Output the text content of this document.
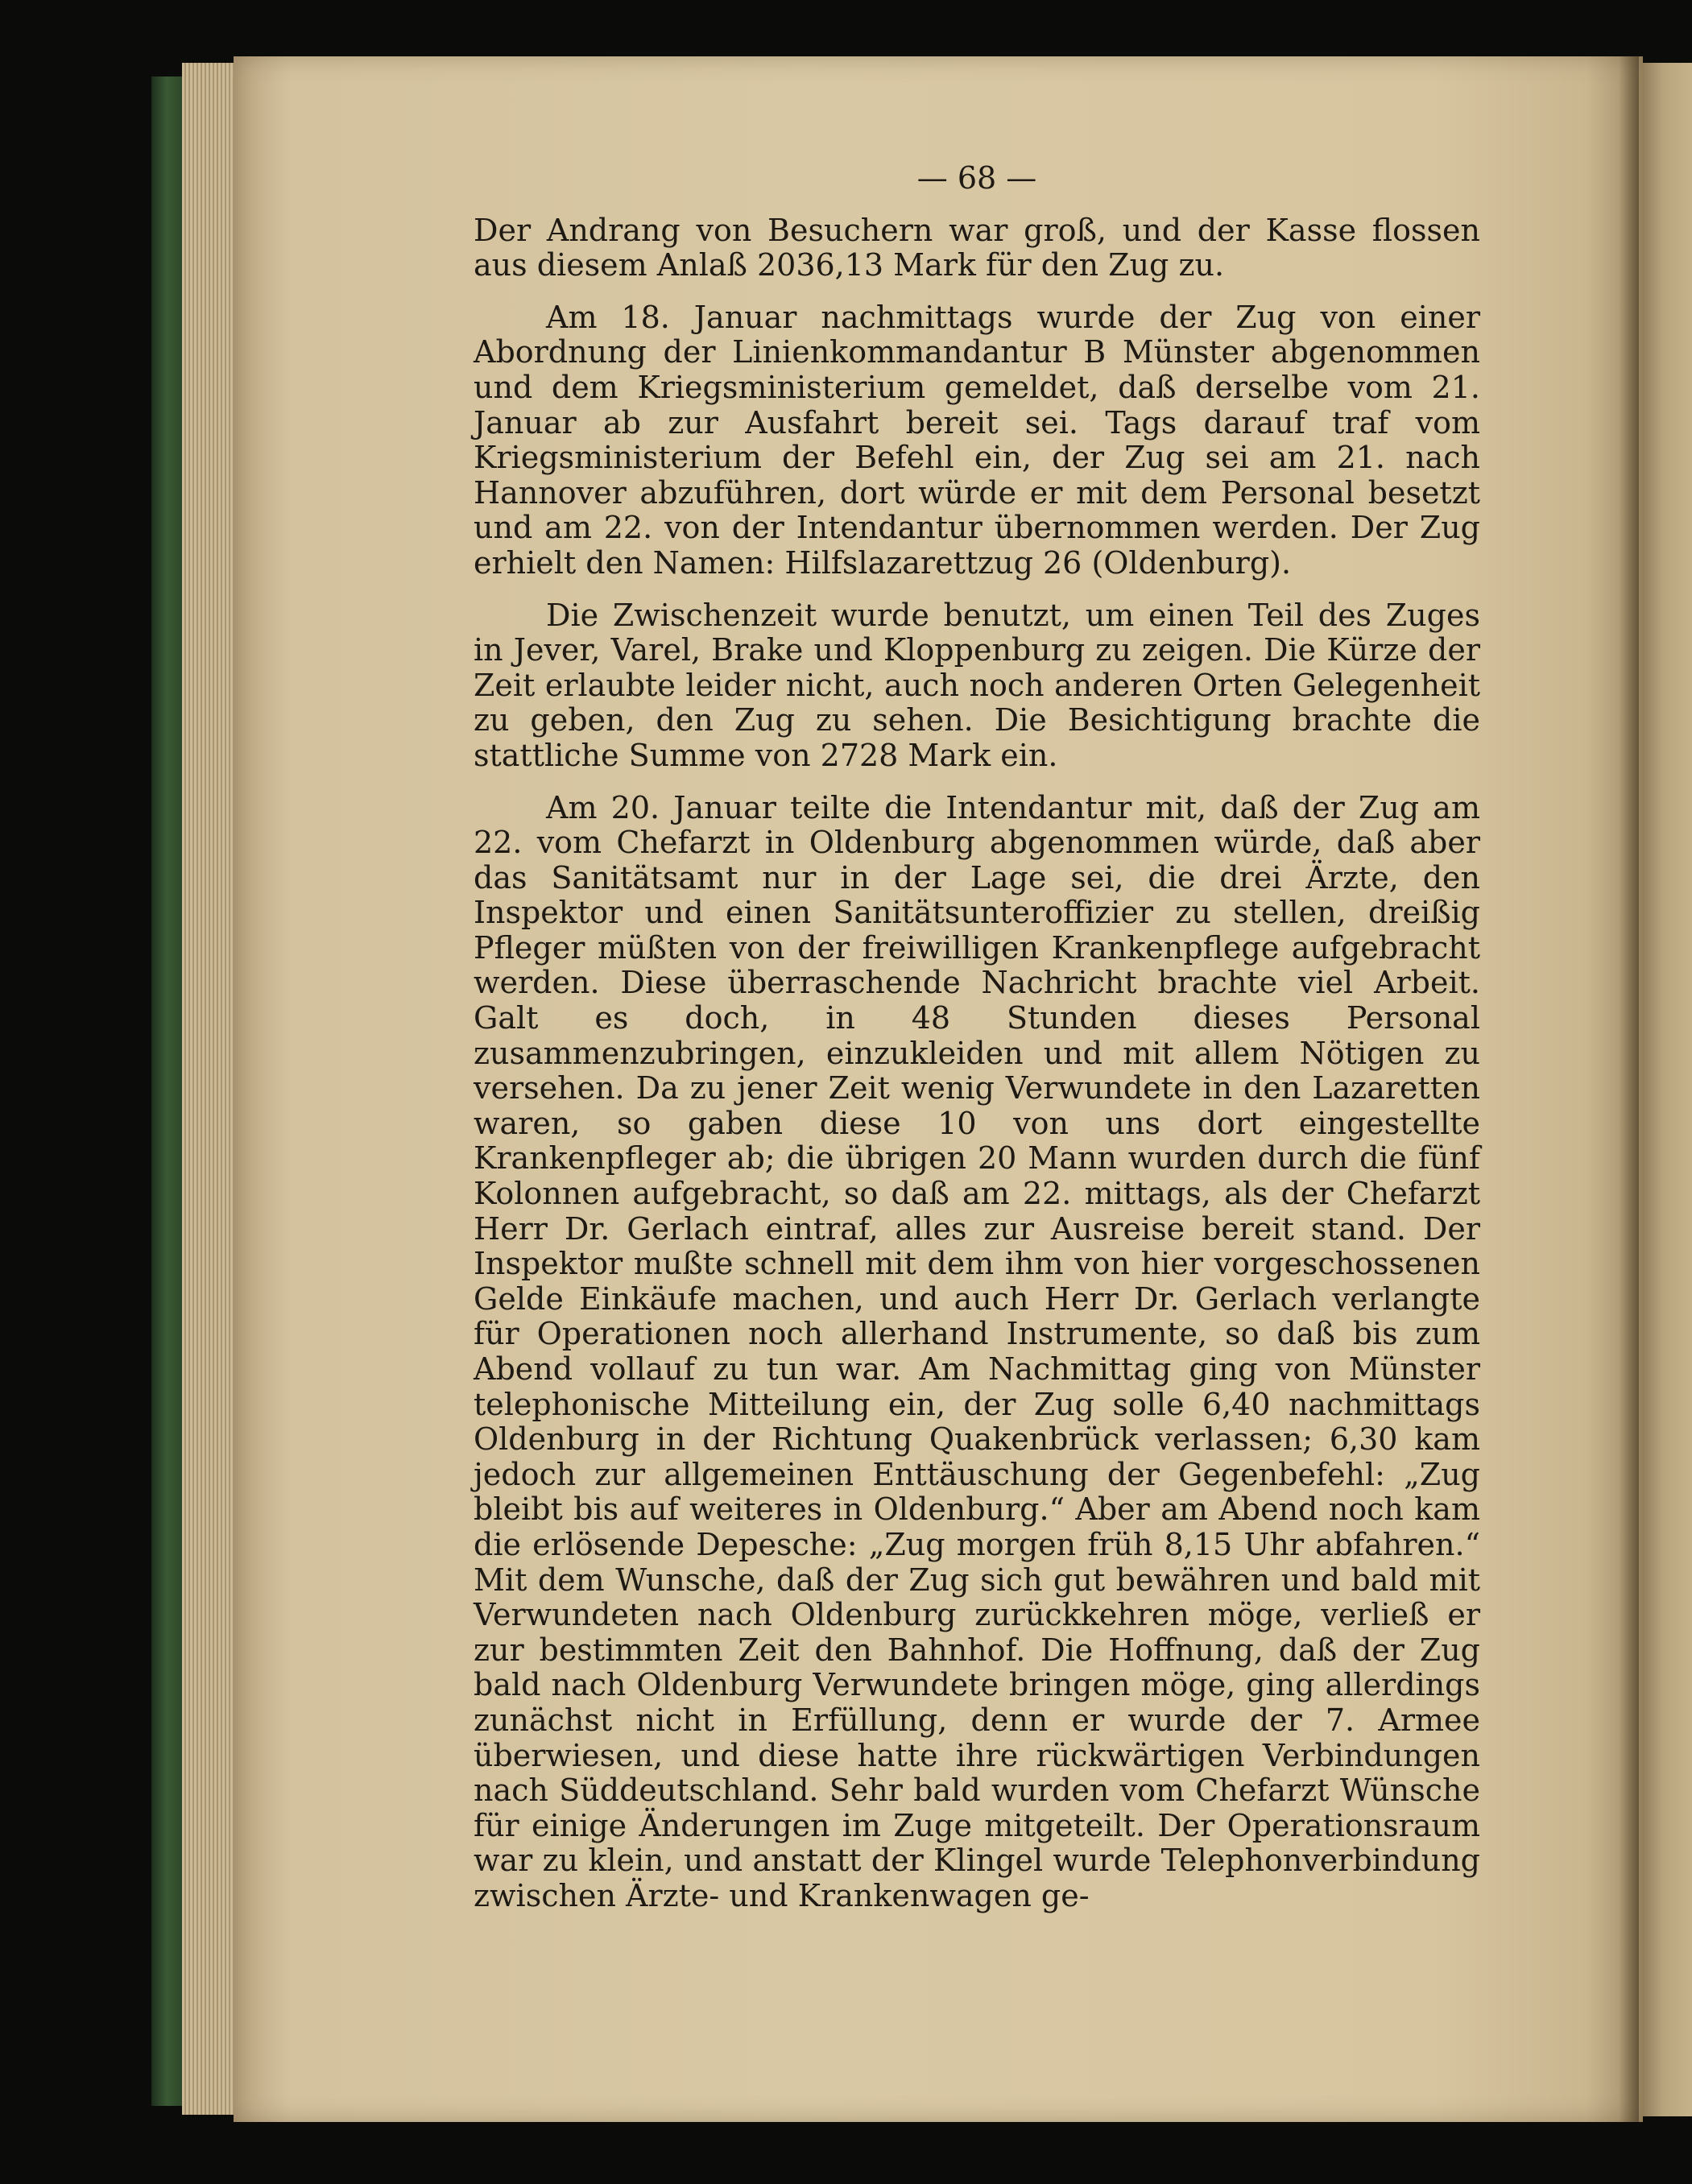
— 68 —

Der Andrang von Besuchern war groß, und der Kasse flossen aus diesem Anlaß 2036,13 Mark für den Zug zu.

Am 18. Januar nachmittags wurde der Zug von einer Abordnung der Linienkommandantur B Münster abgenommen und dem Kriegsministerium gemeldet, daß derselbe vom 21. Januar ab zur Ausfahrt bereit sei. Tags darauf traf vom Kriegsministerium der Befehl ein, der Zug sei am 21. nach Hannover abzuführen, dort würde er mit dem Personal besetzt und am 22. von der Intendantur übernommen werden. Der Zug erhielt den Namen: Hilfslazarettzug 26 (Oldenburg).

Die Zwischenzeit wurde benutzt, um einen Teil des Zuges in Jever, Varel, Brake und Kloppenburg zu zeigen. Die Kürze der Zeit erlaubte leider nicht, auch noch anderen Orten Gelegenheit zu geben, den Zug zu sehen. Die Besichtigung brachte die stattliche Summe von 2728 Mark ein.

Am 20. Januar teilte die Intendantur mit, daß der Zug am 22. vom Chefarzt in Oldenburg abgenommen würde, daß aber das Sanitätsamt nur in der Lage sei, die drei Ärzte, den Inspektor und einen Sanitätsunteroffizier zu stellen, dreißig Pfleger müßten von der freiwilligen Krankenpflege aufgebracht werden. Diese überraschende Nachricht brachte viel Arbeit. Galt es doch, in 48 Stunden dieses Personal zusammenzubringen, einzukleiden und mit allem Nötigen zu versehen. Da zu jener Zeit wenig Verwundete in den Lazaretten waren, so gaben diese 10 von uns dort eingestellte Krankenpfleger ab; die übrigen 20 Mann wurden durch die fünf Kolonnen aufgebracht, so daß am 22. mittags, als der Chefarzt Herr Dr. Gerlach eintraf, alles zur Ausreise bereit stand. Der Inspektor mußte schnell mit dem ihm von hier vorgeschossenen Gelde Einkäufe machen, und auch Herr Dr. Gerlach verlangte für Operationen noch allerhand Instrumente, so daß bis zum Abend vollauf zu tun war. Am Nachmittag ging von Münster telephonische Mitteilung ein, der Zug solle 6,40 nachmittags Oldenburg in der Richtung Quakenbrück verlassen; 6,30 kam jedoch zur allgemeinen Enttäuschung der Gegenbefehl: „Zug bleibt bis auf weiteres in Oldenburg.“ Aber am Abend noch kam die erlösende Depesche: „Zug morgen früh 8,15 Uhr abfahren.“ Mit dem Wunsche, daß der Zug sich gut bewähren und bald mit Verwundeten nach Oldenburg zurückkehren möge, verließ er zur bestimmten Zeit den Bahnhof. Die Hoffnung, daß der Zug bald nach Oldenburg Verwundete bringen möge, ging allerdings zunächst nicht in Erfüllung, denn er wurde der 7. Armee überwiesen, und diese hatte ihre rückwärtigen Verbindungen nach Süddeutschland. Sehr bald wurden vom Chefarzt Wünsche für einige Änderungen im Zuge mitgeteilt. Der Operationsraum war zu klein, und anstatt der Klingel wurde Telephonverbindung zwischen Ärzte- und Krankenwagen ge-
